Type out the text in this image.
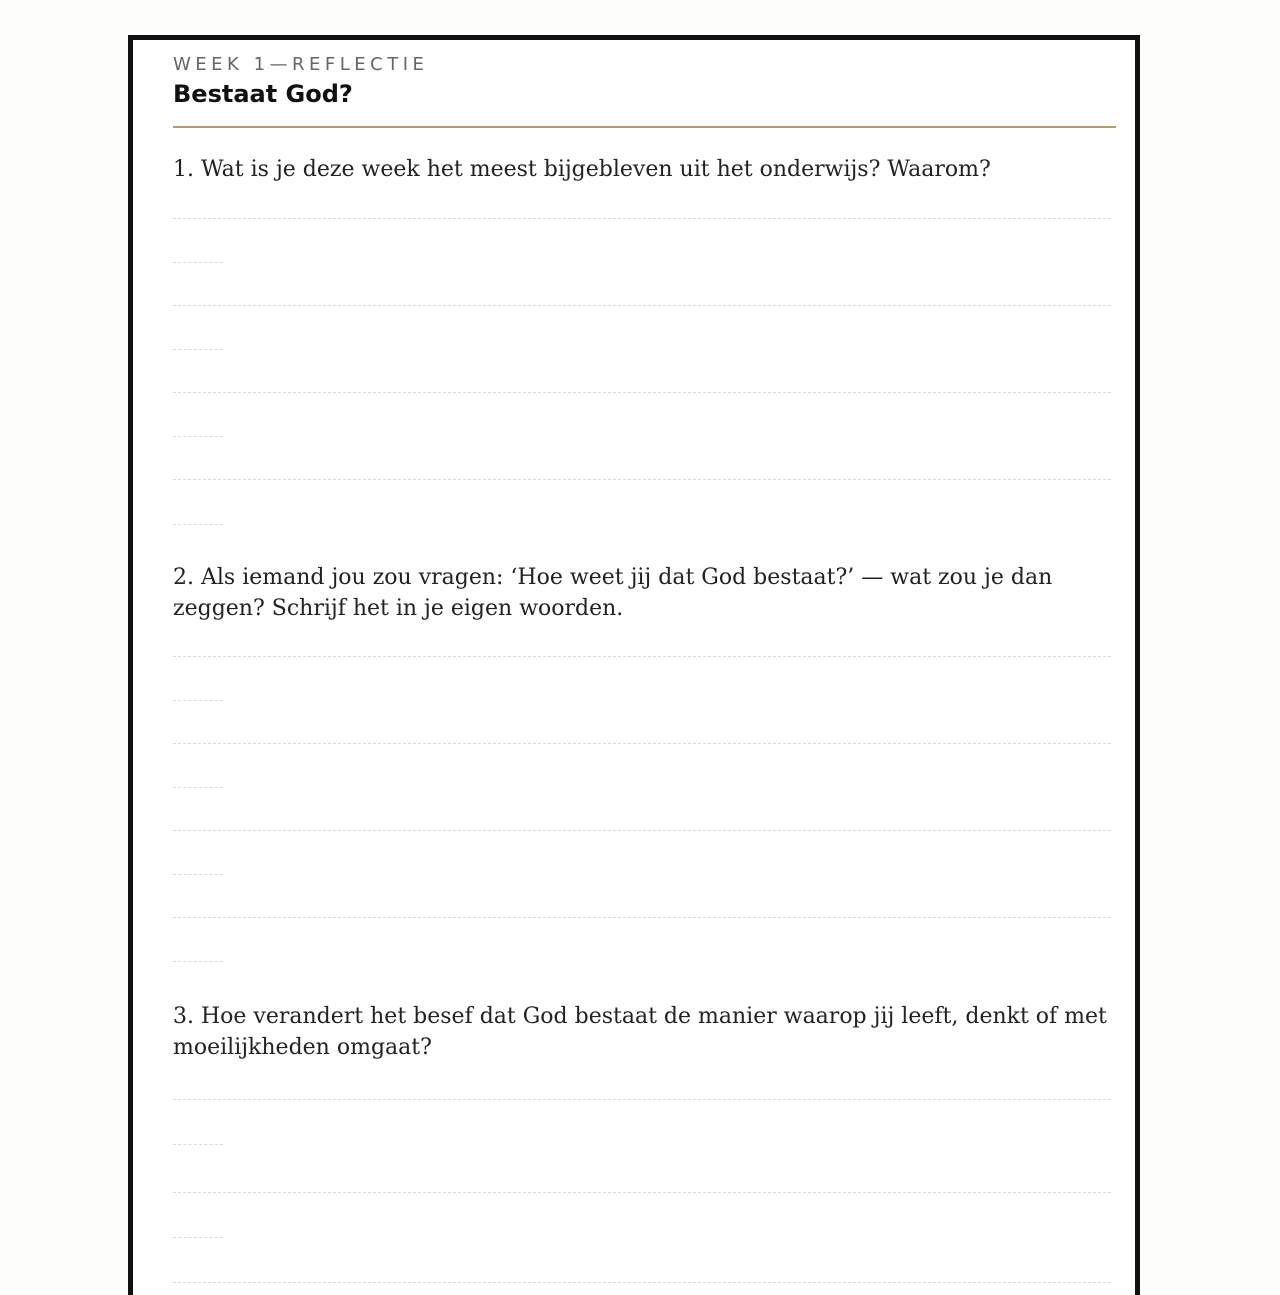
WEEK 1—REFLECTIE
Bestaat God?

1. Wat is je deze week het meest bijgebleven uit het onderwijs? Waarom?

2. Als iemand jou zou vragen: ‘Hoe weet jij dat God bestaat?’ — wat zou je dan zeggen? Schrijf het in je eigen woorden.

3. Hoe verandert het besef dat God bestaat de manier waarop jij leeft, denkt of met moeilijkheden omgaat?
